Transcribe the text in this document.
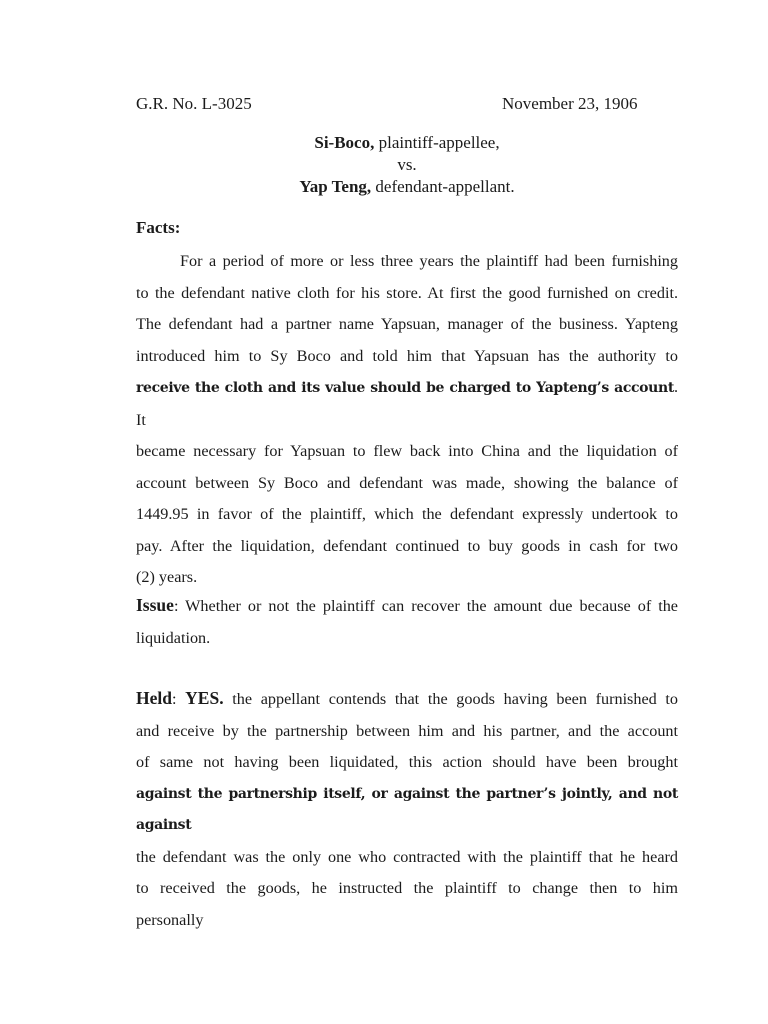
G.R. No. L-3025	November 23, 1906
Si-Boco, plaintiff-appellee,
vs.
Yap Teng, defendant-appellant.
Facts:
For a period of more or less three years the plaintiff had been furnishing
to the defendant native cloth for his store. At first the good furnished on credit.
The defendant had a partner name Yapsuan, manager of the business. Yapteng
introduced him to Sy Boco and told him that Yapsuan has the authority to
receive the cloth and its value should be charged to Yapteng’s account. It
became necessary for Yapsuan to flew back into China and the liquidation of
account between Sy Boco and defendant was made, showing the balance of
1449.95 in favor of the plaintiff, which the defendant expressly undertook to
pay. After the liquidation, defendant continued to buy goods in cash for two
(2) years.
Issue: Whether or not the plaintiff can recover the amount due because of the
liquidation.
Held: YES. the appellant contends that the goods having been furnished to
and receive by the partnership between him and his partner, and the account
of same not having been liquidated, this action should have been brought
against the partnership itself, or against the partner’s jointly, and not against
the defendant was the only one who contracted with the plaintiff that he heard
to received the goods, he instructed the plaintiff to change then to him
personally
